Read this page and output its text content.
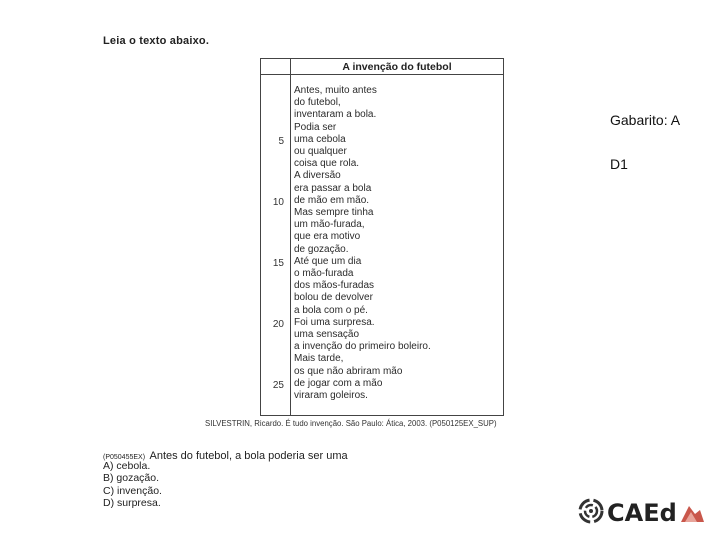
Leia o texto abaixo.
A invenção do futebol
5
10
15
20
25
Antes, muito antes
do futebol,
inventaram a bola.
Podia ser
uma cebola
ou qualquer
coisa que rola.
A diversão
era passar a bola
de mão em mão.
Mas sempre tinha
um mão-furada,
que era motivo
de gozação.
Até que um dia
o mão-furada
dos mãos-furadas
bolou de devolver
a bola com o pé.
Foi uma surpresa.
uma sensação
a invenção do primeiro boleiro.
Mais tarde,
os que não abriram mão
de jogar com a mão
viraram goleiros.
SILVESTRIN, Ricardo. É tudo invenção. São Paulo: Ática, 2003. (P050125EX_SUP)
(P050455EX) Antes do futebol, a bola poderia ser uma
A) cebola.
B) gozação.
C) invenção.
D) surpresa.
Gabarito: A
D1
CAEd
